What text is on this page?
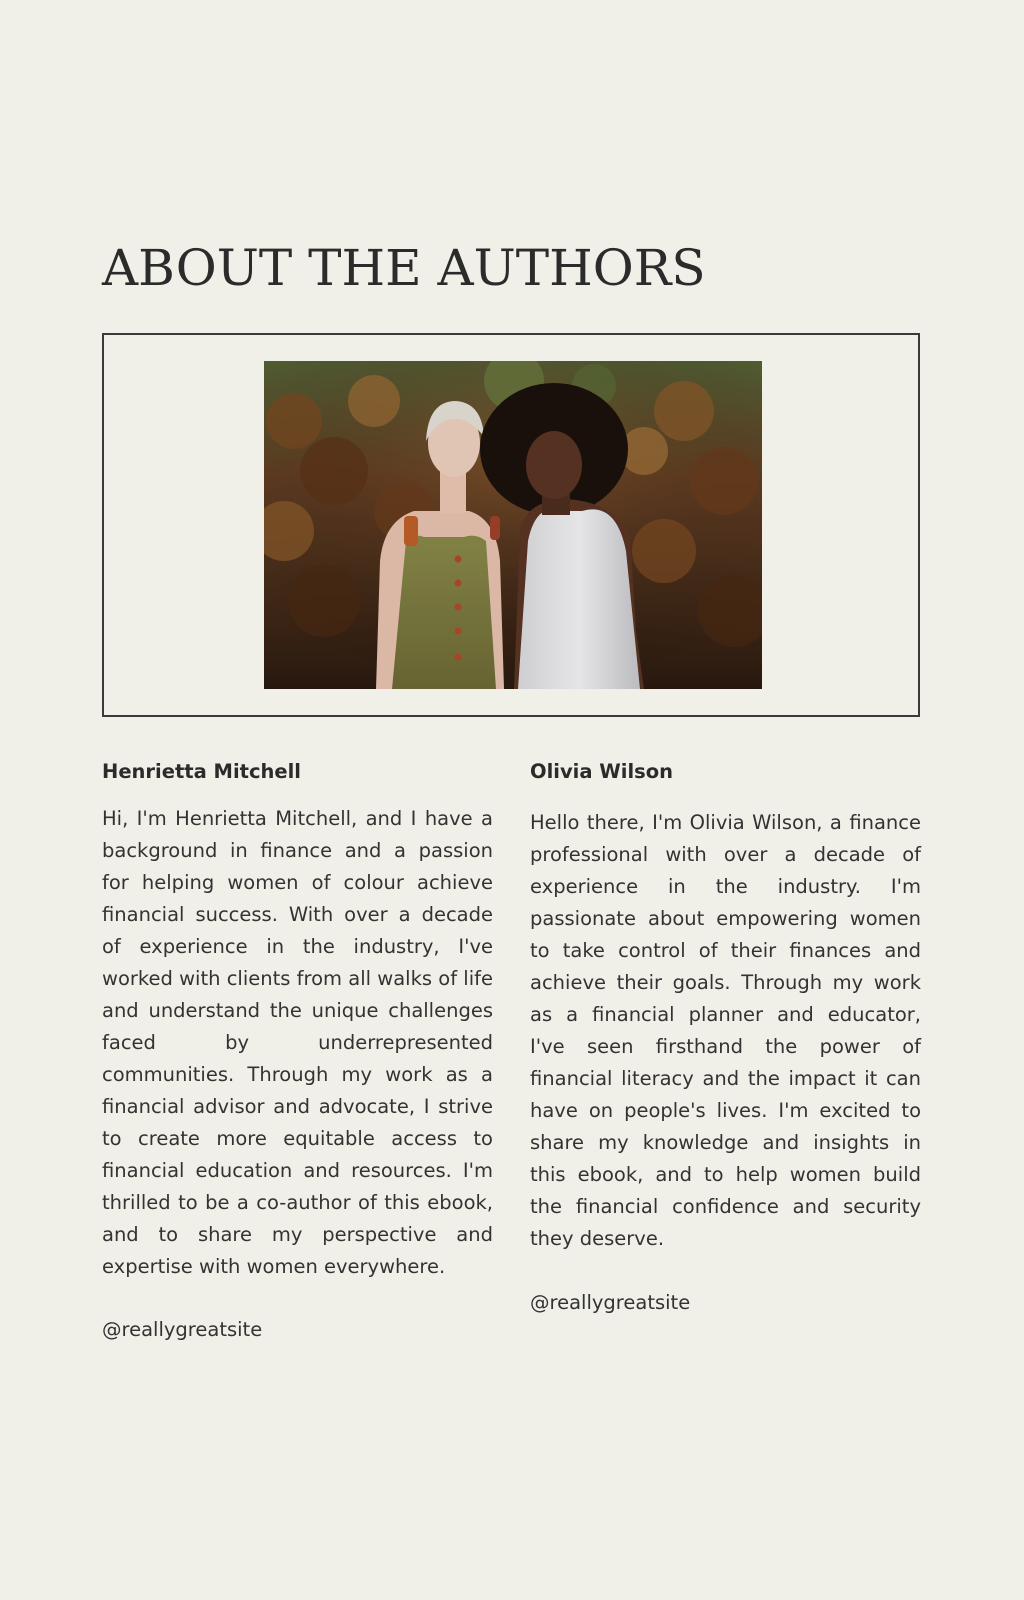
ABOUT THE AUTHORS
Henrietta Mitchell

Hi, I'm Henrietta Mitchell, and I have a background in finance and a passion for helping women of colour achieve financial success. With over a decade of experience in the industry, I've worked with clients from all walks of life and understand the unique challenges faced by underrepresented communities. Through my work as a financial advisor and advocate, I strive to create more equitable access to financial education and resources. I'm thrilled to be a co-author of this ebook, and to share my perspective and expertise with women everywhere.

@reallygreatsite

Olivia Wilson

Hello there, I'm Olivia Wilson, a finance professional with over a decade of experience in the industry. I'm passionate about empowering women to take control of their finances and achieve their goals. Through my work as a financial planner and educator, I've seen firsthand the power of financial literacy and the impact it can have on people's lives. I'm excited to share my knowledge and insights in this ebook, and to help women build the financial confidence and security they deserve.

@reallygreatsite
